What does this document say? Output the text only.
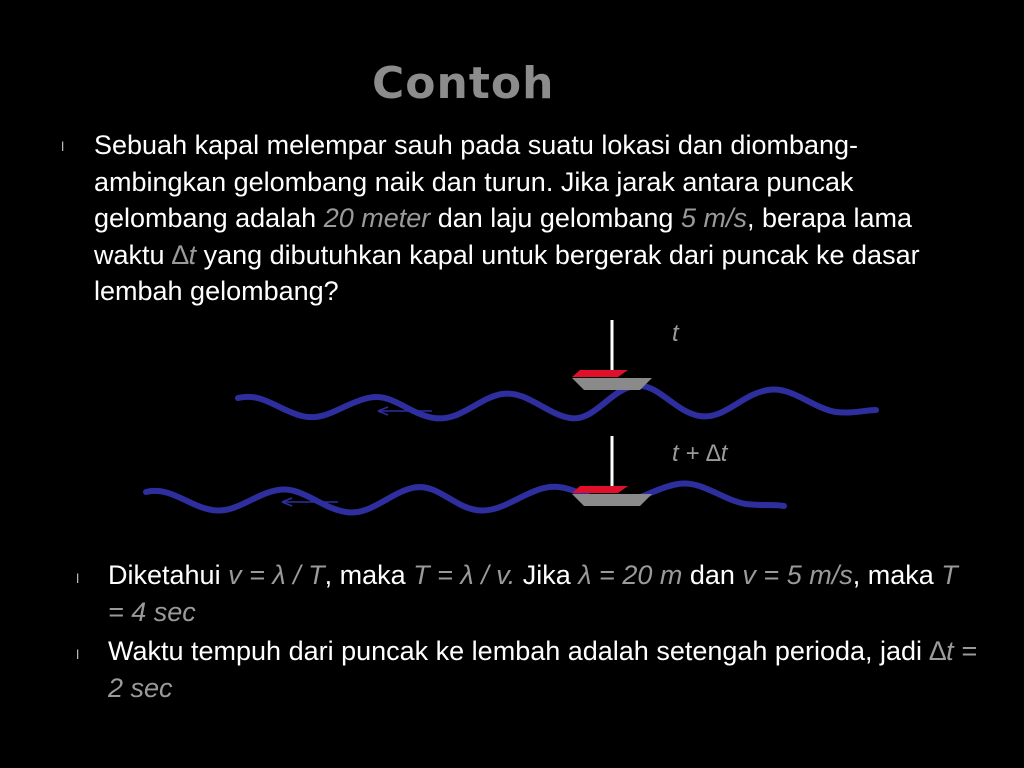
Contoh
l Sebuah kapal melempar sauh pada suatu lokasi dan diombang-ambingkan gelombang naik dan turun. Jika jarak antara puncak gelombang adalah 20 meter dan laju gelombang 5 m/s, berapa lama waktu ∆t yang dibutuhkan kapal untuk bergerak dari puncak ke dasar lembah gelombang?
t
t + ∆t
l Diketahui v = λ / T, maka T = λ / v. Jika λ = 20 m dan v = 5 m/s, maka T = 4 sec
l Waktu tempuh dari puncak ke lembah adalah setengah perioda, jadi ∆t = 2 sec
